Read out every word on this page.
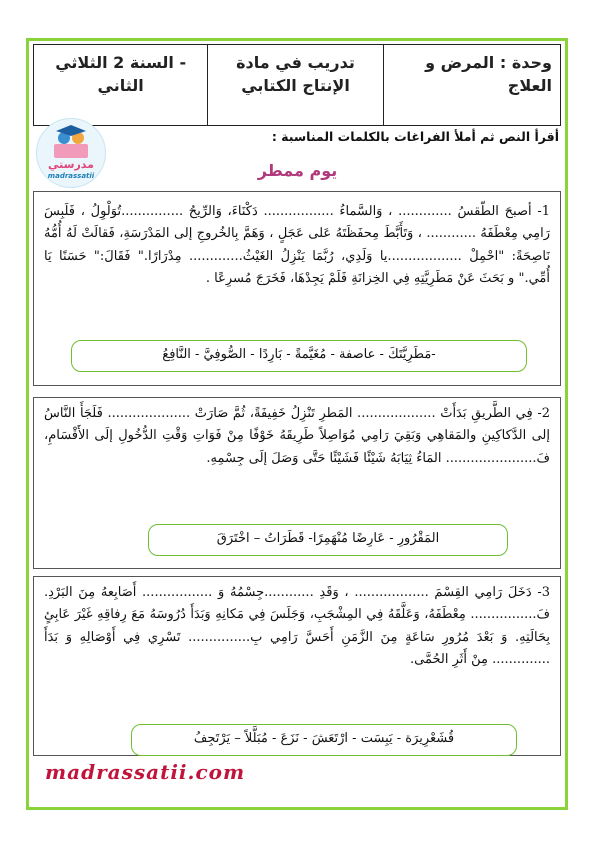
وحدة : المرض و العلاج
تدريب في مادة الإنتاج الكتابي
- السنة 2 الثلاثي الثاني
مدرستي
madrassatii
أقرأ النص ثم أملأ الفراغات بالكلمات المناسبة :
يوم ممطر

1- أصبحَ الطّقسُ ............. ، وَالسَّماءُ ................. دَكْنَاءَ، وَالرِّيحُ ...............تُوَلْوِلُ ، فَلَبِسَ رَامِي مِعْطَفَهُ ............ ، وَتَأَبَّطَ مِحفَظَتَهُ عَلى عَجَلٍ ، وَهَمَّ بِالخُروجِ إلى المَدْرَسَةِ، فَقالَتْ لَهُ أُمُّهُ نَاصِحَةً: "احْمِلْ ..................يا وَلَدِي، رُبَّمَا يَنْزِلُ الغَيْثُ............. مِدْرَارًا." فَقَالَ:" حَسَنًا يَا أُمِّي." و بَحَثَ عَنْ مَطَرِيَّتِهِ فِي الخِزانَةِ فَلَمْ يَجِدْهَا، فَخَرَجَ مُسرِعًا .

-مَطَرِيَّتَكَ - عاصفة - مُغَيَّمةً - بَارِدًا - الصُّوفِيَّ - النَّافِعُ

2- فِي الطَّريقِ بَدَأَتْ ................... المَطرِ تَنْزِلُ خَفِيفَةً، ثُمَّ صَارَتْ .................... فَلَجَأَ النَّاسُ إلى الدَّكاكِينِ والمَقاهِي وَبَقِيَ رَامِي مُوَاصِلاً طَرِيقَهُ خَوْفًا مِنْ فَوَاتِ وَقْتِ الدُّخُولِ إلَى الأَقْسَامِ، فَ...................... المَاءُ ثِيَابَهُ شَيْئًا فَشَيْئًا حَتَّى وَصَلَ إلَى جِسْمِهِ.

المَقْرُورِ - عَارِضًا مُنْهَمِرًا- قَطَرَاتُ – اخْتَرَقَ

3- دَخَلَ رَامِي القِسْمَ .................. ، وَقَدِ ............جِسْمُهُ وَ ................. أَصَابِعهُ مِنَ البَرْدِ. فَ................ مِعْطَفَهُ، وَعَلَّقَهُ فِي المِشْجَبِ، وَجَلَسَ فِي مَكانِهِ وَبَدَأَ دُرُوسَهُ مَعَ رِفاقِهِ غَيْرَ عَابِئٍ بِحَالَتِهِ. وَ بَعْدَ مُرُورِ سَاعَةٍ مِنَ الزَّمَنِ أَحَسَّ رَامِي بِ............... تَسْرِي فِي أَوْصَالِهِ وَ بَدَأَ .............. مِنْ أَثَرِ الحُمَّى.

قُشَعْرِيرَة - يَبِسَت - ارْتَعَشَ - نَزَعَ - مُبَلَّلاً – يَرْتَجِفُ
madrassatii.com
